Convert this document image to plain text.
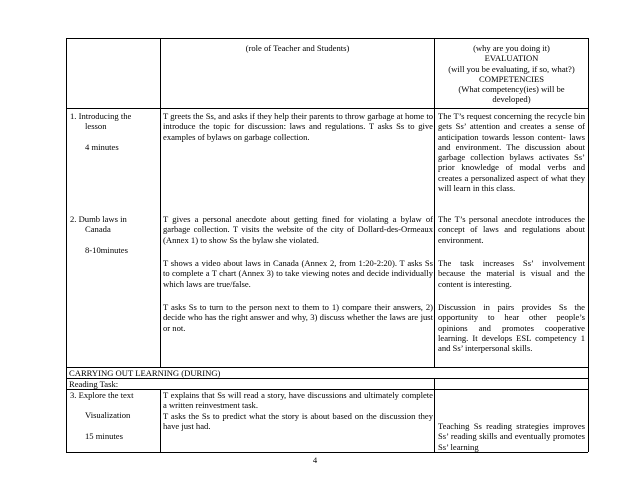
(role of Teacher and Students)	(why are you doing it)
EVALUATION
(will you be evaluating, if so, what?)
COMPETENCIES
(What competency(ies) will be
developed)
1. Introducing the
lesson
4 minutes
T greets the Ss, and asks if they help their parents to throw garbage at home to introduce the topic for discussion: laws and regulations. T asks Ss to give examples of bylaws on garbage collection.
The T’s request concerning the recycle bin gets Ss’ attention and creates a sense of anticipation towards lesson content- laws and environment. The discussion about garbage collection bylaws activates Ss’ prior knowledge of modal verbs and creates a personalized aspect of what they will learn in this class.
2. Dumb laws in
Canada
8-10minutes
T gives a personal anecdote about getting fined for violating a bylaw of garbage collection. T visits the website of the city of Dollard-des-Ormeaux (Annex 1) to show Ss the bylaw she violated.
T shows a video about laws in Canada (Annex 2, from 1:20-2:20). T asks Ss to complete a T chart (Annex 3) to take viewing notes and decide individually which laws are true/false.
T asks Ss to turn to the person next to them to 1) compare their answers, 2) decide who has the right answer and why, 3) discuss whether the laws are just or not.
The T’s personal anecdote introduces the concept of laws and regulations about environment.
The task increases Ss’ involvement because the material is visual and the content is interesting.
Discussion in pairs provides Ss the opportunity to hear other people’s opinions and promotes cooperative learning. It develops ESL competency 1 and Ss’ interpersonal skills.
CARRYING OUT LEARNING (DURING)
Reading Task:
3. Explore the text
Visualization
15 minutes
T explains that Ss will read a story, have discussions and ultimately complete a written reinvestment task.
T asks the Ss to predict what the story is about based on the discussion they have just had.	Teaching Ss reading strategies improves Ss’ reading skills and eventually promotes Ss’ learning
4
